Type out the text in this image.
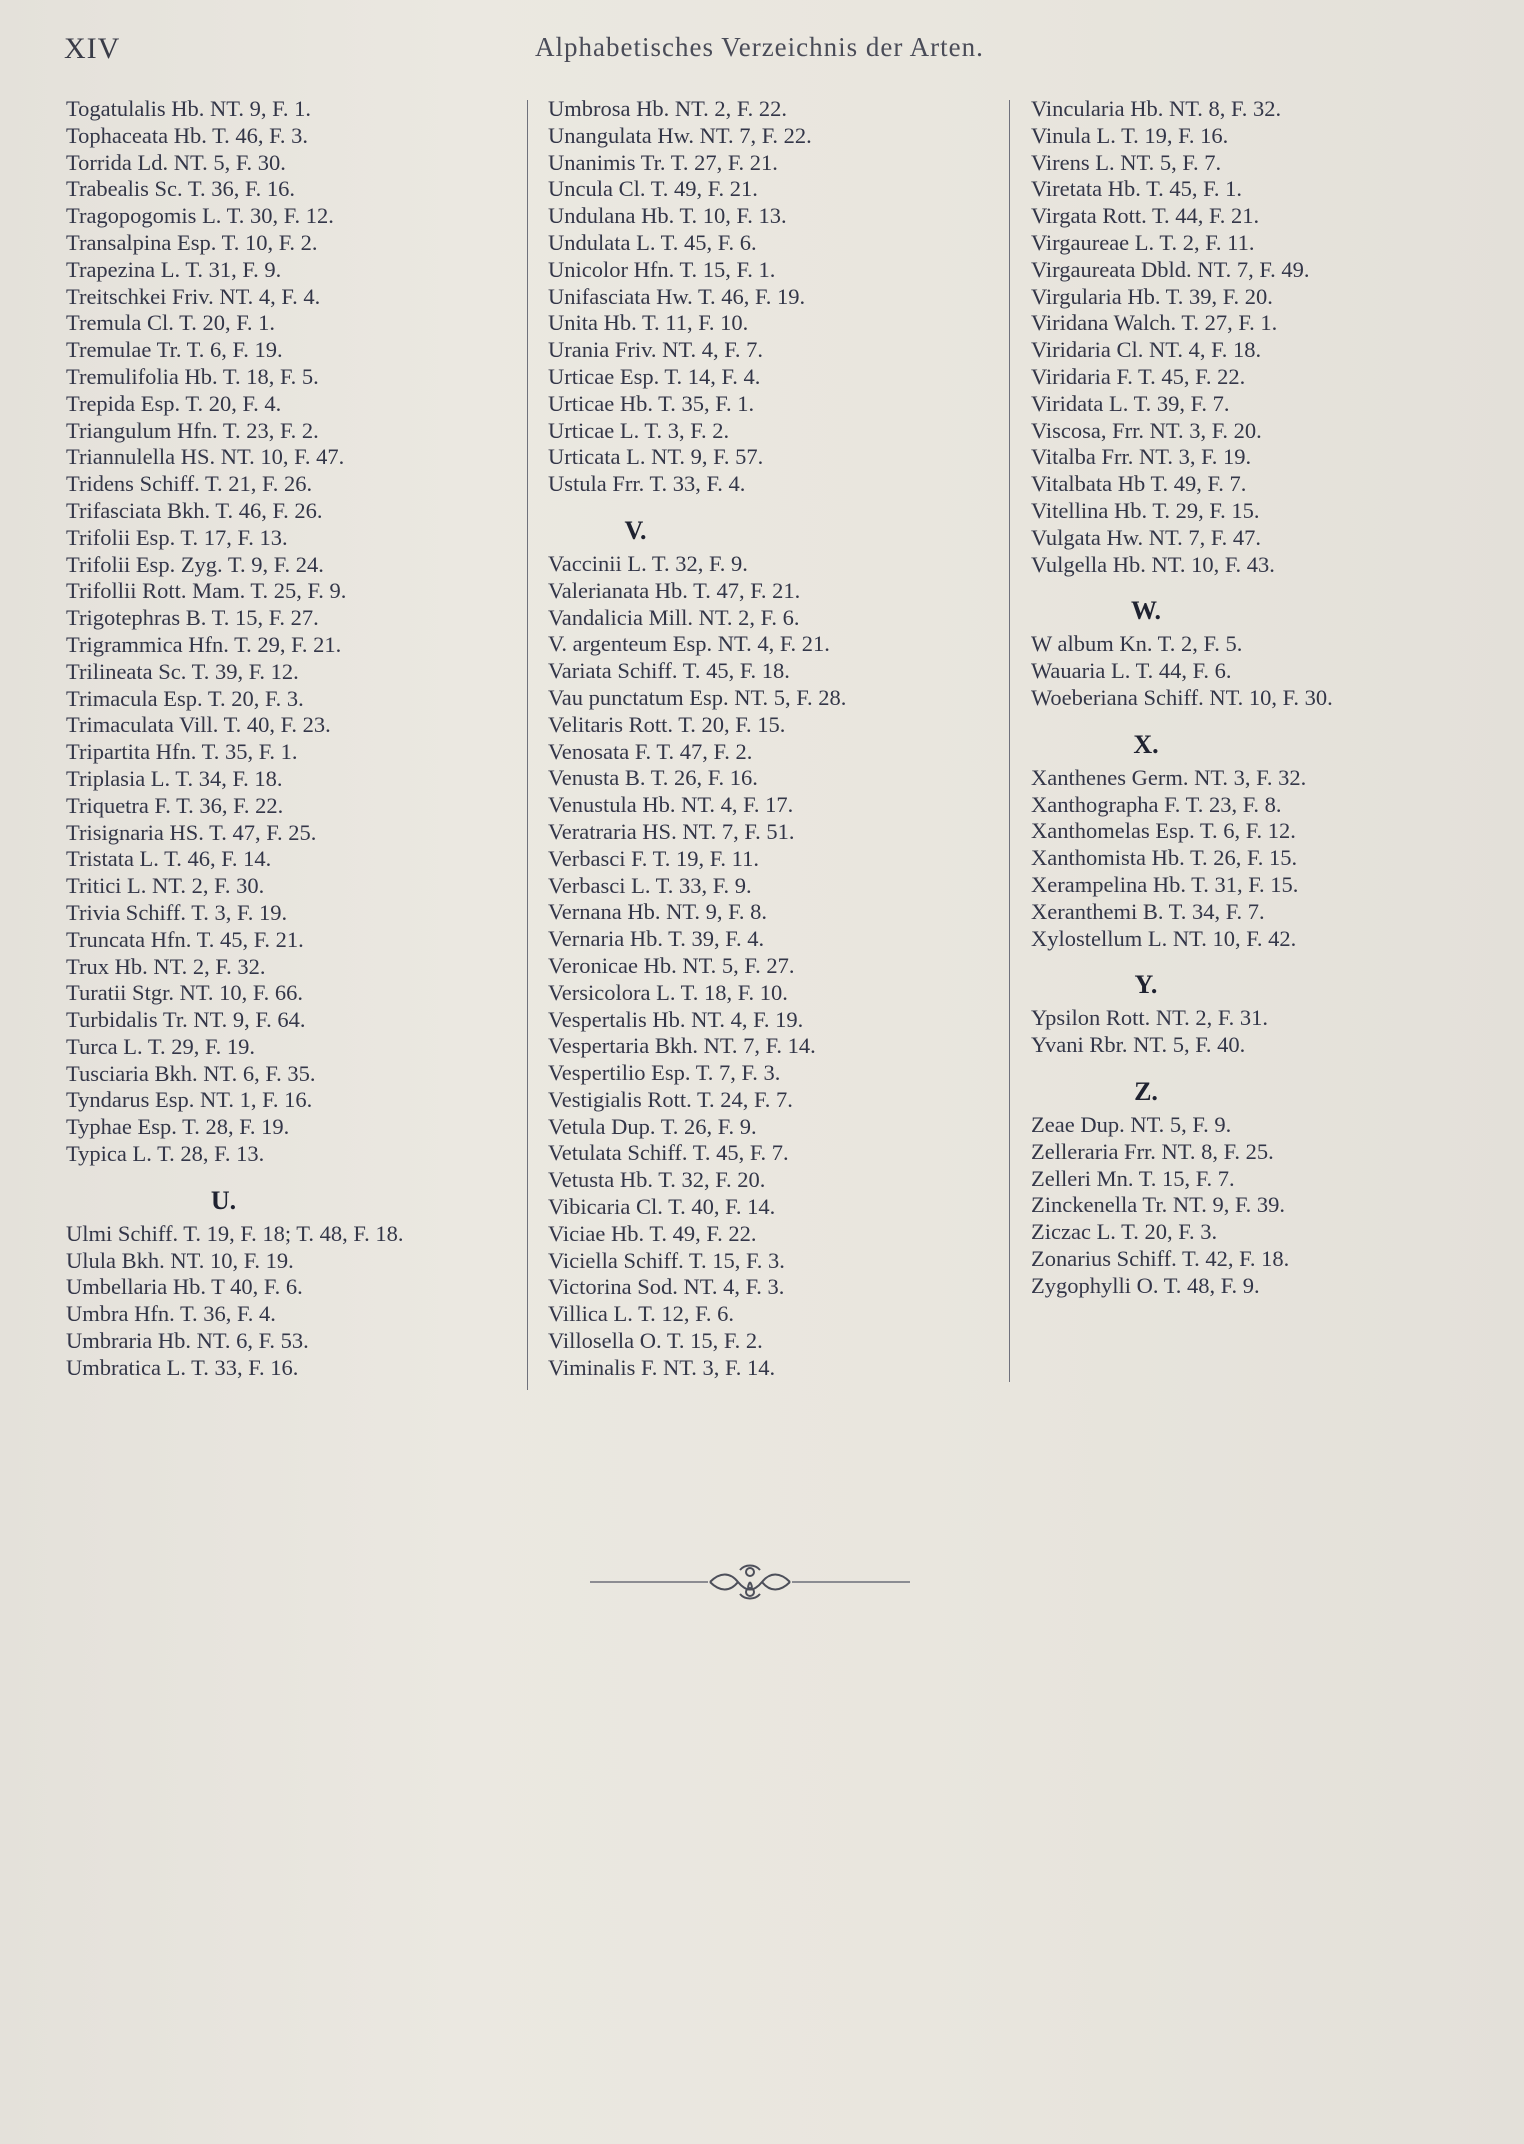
XIV	Alphabetisches Verzeichnis der Arten.
Togatulalis Hb. NT. 9, F. 1.
Tophaceata Hb. T. 46, F. 3.
Torrida Ld. NT. 5, F. 30.
Trabealis Sc. T. 36, F. 16.
Tragopogomis L. T. 30, F. 12.
Transalpina Esp. T. 10, F. 2.
Trapezina L. T. 31, F. 9.
Treitschkei Friv. NT. 4, F. 4.
Tremula Cl. T. 20, F. 1.
Tremulae Tr. T. 6, F. 19.
Tremulifolia Hb. T. 18, F. 5.
Trepida Esp. T. 20, F. 4.
Triangulum Hfn. T. 23, F. 2.
Triannulella HS. NT. 10, F. 47.
Tridens Schiff. T. 21, F. 26.
Trifasciata Bkh. T. 46, F. 26.
Trifolii Esp. T. 17, F. 13.
Trifolii Esp. Zyg. T. 9, F. 24.
Trifollii Rott. Mam. T. 25, F. 9.
Trigotephras B. T. 15, F. 27.
Trigrammica Hfn. T. 29, F. 21.
Trilineata Sc. T. 39, F. 12.
Trimacula Esp. T. 20, F. 3.
Trimaculata Vill. T. 40, F. 23.
Tripartita Hfn. T. 35, F. 1.
Triplasia L. T. 34, F. 18.
Triquetra F. T. 36, F. 22.
Trisignaria HS. T. 47, F. 25.
Tristata L. T. 46, F. 14.
Tritici L. NT. 2, F. 30.
Trivia Schiff. T. 3, F. 19.
Truncata Hfn. T. 45, F. 21.
Trux Hb. NT. 2, F. 32.
Turatii Stgr. NT. 10, F. 66.
Turbidalis Tr. NT. 9, F. 64.
Turca L. T. 29, F. 19.
Tusciaria Bkh. NT. 6, F. 35.
Tyndarus Esp. NT. 1, F. 16.
Typhae Esp. T. 28, F. 19.
Typica L. T. 28, F. 13.
U.
Ulmi Schiff. T. 19, F. 18; T. 48, F. 18.
Ulula Bkh. NT. 10, F. 19.
Umbellaria Hb. T 40, F. 6.
Umbra Hfn. T. 36, F. 4.
Umbraria Hb. NT. 6, F. 53.
Umbratica L. T. 33, F. 16.
Umbrosa Hb. NT. 2, F. 22.
Unangulata Hw. NT. 7, F. 22.
Unanimis Tr. T. 27, F. 21.
Uncula Cl. T. 49, F. 21.
Undulana Hb. T. 10, F. 13.
Undulata L. T. 45, F. 6.
Unicolor Hfn. T. 15, F. 1.
Unifasciata Hw. T. 46, F. 19.
Unita Hb. T. 11, F. 10.
Urania Friv. NT. 4, F. 7.
Urticae Esp. T. 14, F. 4.
Urticae Hb. T. 35, F. 1.
Urticae L. T. 3, F. 2.
Urticata L. NT. 9, F. 57.
Ustula Frr. T. 33, F. 4.
V.
Vaccinii L. T. 32, F. 9.
Valerianata Hb. T. 47, F. 21.
Vandalicia Mill. NT. 2, F. 6.
V. argenteum Esp. NT. 4, F. 21.
Variata Schiff. T. 45, F. 18.
Vau punctatum Esp. NT. 5, F. 28.
Velitaris Rott. T. 20, F. 15.
Venosata F. T. 47, F. 2.
Venusta B. T. 26, F. 16.
Venustula Hb. NT. 4, F. 17.
Veratraria HS. NT. 7, F. 51.
Verbasci F. T. 19, F. 11.
Verbasci L. T. 33, F. 9.
Vernana Hb. NT. 9, F. 8.
Vernaria Hb. T. 39, F. 4.
Veronicae Hb. NT. 5, F. 27.
Versicolora L. T. 18, F. 10.
Vespertalis Hb. NT. 4, F. 19.
Vespertaria Bkh. NT. 7, F. 14.
Vespertilio Esp. T. 7, F. 3.
Vestigialis Rott. T. 24, F. 7.
Vetula Dup. T. 26, F. 9.
Vetulata Schiff. T. 45, F. 7.
Vetusta Hb. T. 32, F. 20.
Vibicaria Cl. T. 40, F. 14.
Viciae Hb. T. 49, F. 22.
Viciella Schiff. T. 15, F. 3.
Victorina Sod. NT. 4, F. 3.
Villica L. T. 12, F. 6.
Villosella O. T. 15, F. 2.
Viminalis F. NT. 3, F. 14.
Vincularia Hb. NT. 8, F. 32.
Vinula L. T. 19, F. 16.
Virens L. NT. 5, F. 7.
Viretata Hb. T. 45, F. 1.
Virgata Rott. T. 44, F. 21.
Virgaureae L. T. 2, F. 11.
Virgaureata Dbld. NT. 7, F. 49.
Virgularia Hb. T. 39, F. 20.
Viridana Walch. T. 27, F. 1.
Viridaria Cl. NT. 4, F. 18.
Viridaria F. T. 45, F. 22.
Viridata L. T. 39, F. 7.
Viscosa, Frr. NT. 3, F. 20.
Vitalba Frr. NT. 3, F. 19.
Vitalbata Hb T. 49, F. 7.
Vitellina Hb. T. 29, F. 15.
Vulgata Hw. NT. 7, F. 47.
Vulgella Hb. NT. 10, F. 43.
W.
W album Kn. T. 2, F. 5.
Wauaria L. T. 44, F. 6.
Woeberiana Schiff. NT. 10, F. 30.
X.
Xanthenes Germ. NT. 3, F. 32.
Xanthographa F. T. 23, F. 8.
Xanthomelas Esp. T. 6, F. 12.
Xanthomista Hb. T. 26, F. 15.
Xerampelina Hb. T. 31, F. 15.
Xeranthemi B. T. 34, F. 7.
Xylostellum L. NT. 10, F. 42.
Y.
Ypsilon Rott. NT. 2, F. 31.
Yvani Rbr. NT. 5, F. 40.
Z.
Zeae Dup. NT. 5, F. 9.
Zelleraria Frr. NT. 8, F. 25.
Zelleri Mn. T. 15, F. 7.
Zinckenella Tr. NT. 9, F. 39.
Ziczac L. T. 20, F. 3.
Zonarius Schiff. T. 42, F. 18.
Zygophylli O. T. 48, F. 9.
